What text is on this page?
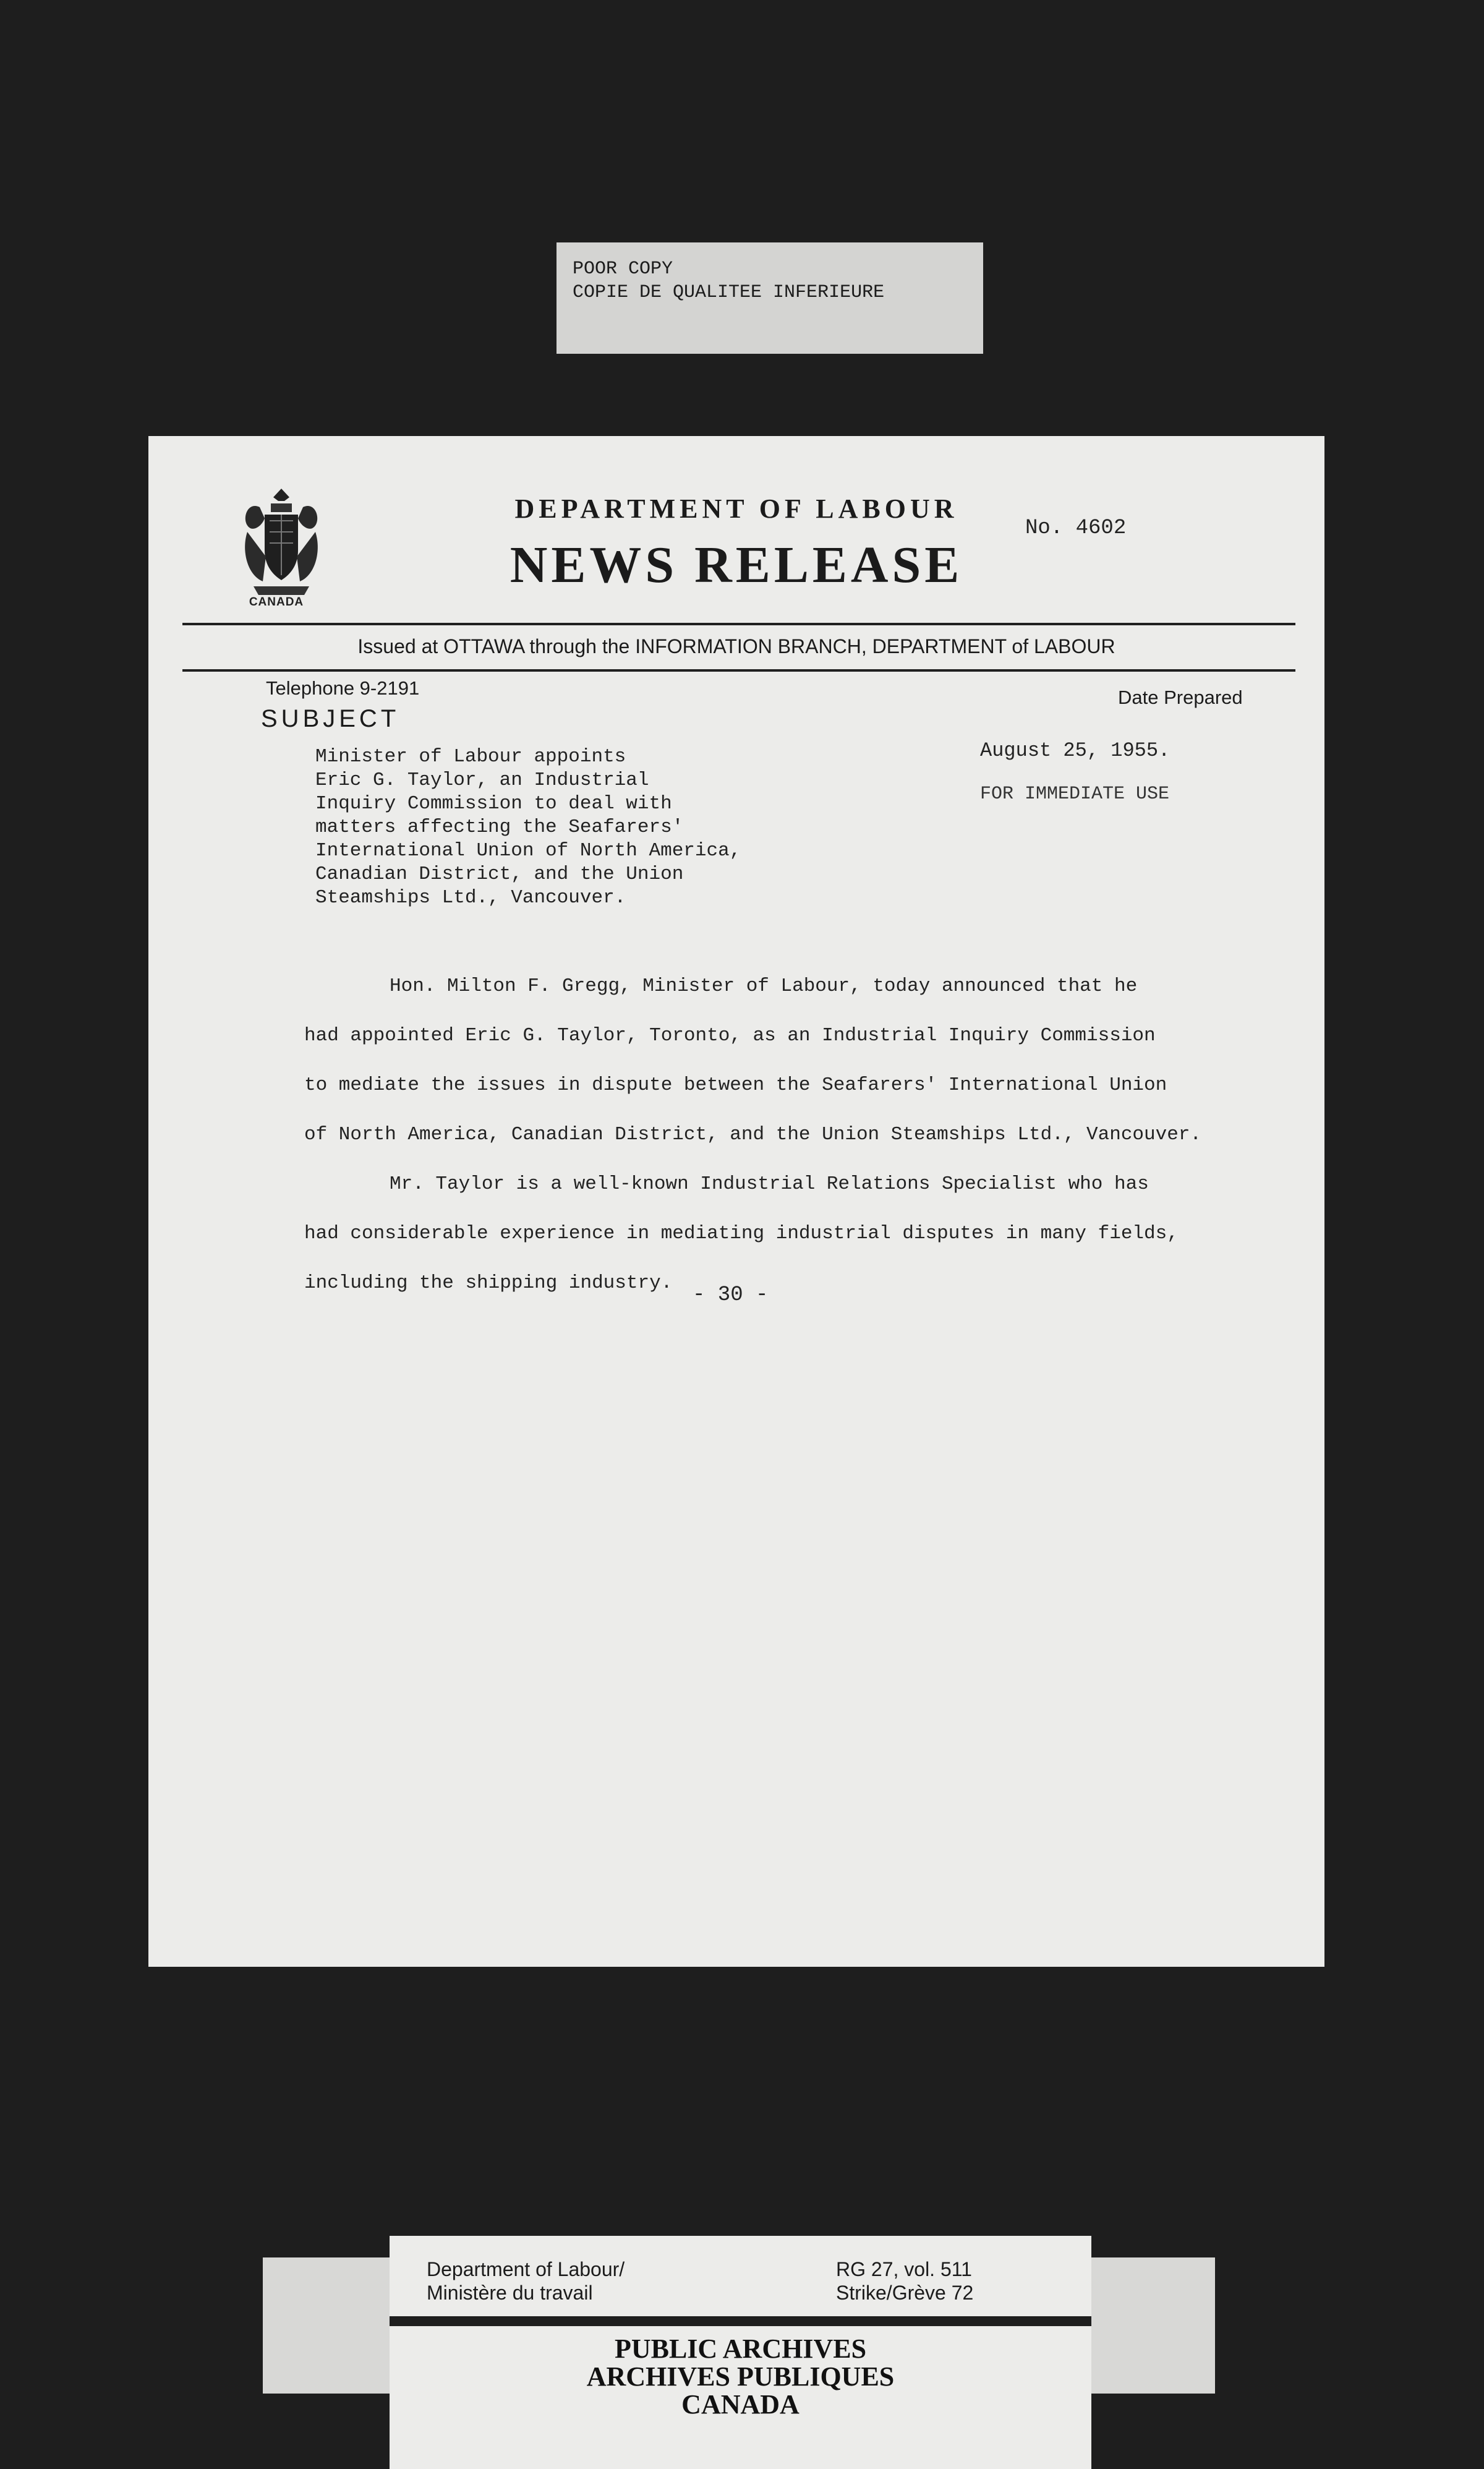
POOR COPY
COPIE DE QUALITEE INFERIEURE
CANADA
DEPARTMENT OF LABOUR
NEWS RELEASE
No. 4602
Issued at OTTAWA through the INFORMATION BRANCH, DEPARTMENT of LABOUR
Telephone 9-2191	Date Prepared
SUBJECT
Minister of Labour appoints
Eric G. Taylor, an Industrial
Inquiry Commission to deal with
matters affecting the Seafarers'
International Union of North America,
Canadian District, and the Union
Steamships Ltd., Vancouver.
August 25, 1955.
FOR IMMEDIATE USE
Hon. Milton F. Gregg, Minister of Labour, today announced that he
had appointed Eric G. Taylor, Toronto, as an Industrial Inquiry Commission
to mediate the issues in dispute between the Seafarers' International Union
of North America, Canadian District, and the Union Steamships Ltd., Vancouver.
Mr. Taylor is a well-known Industrial Relations Specialist who has
had considerable experience in mediating industrial disputes in many fields,
including the shipping industry.
- 30 -
Department of Labour/
Ministère du travail
RG 27, vol. 511
Strike/Grève 72
PUBLIC ARCHIVES
ARCHIVES PUBLIQUES
CANADA
